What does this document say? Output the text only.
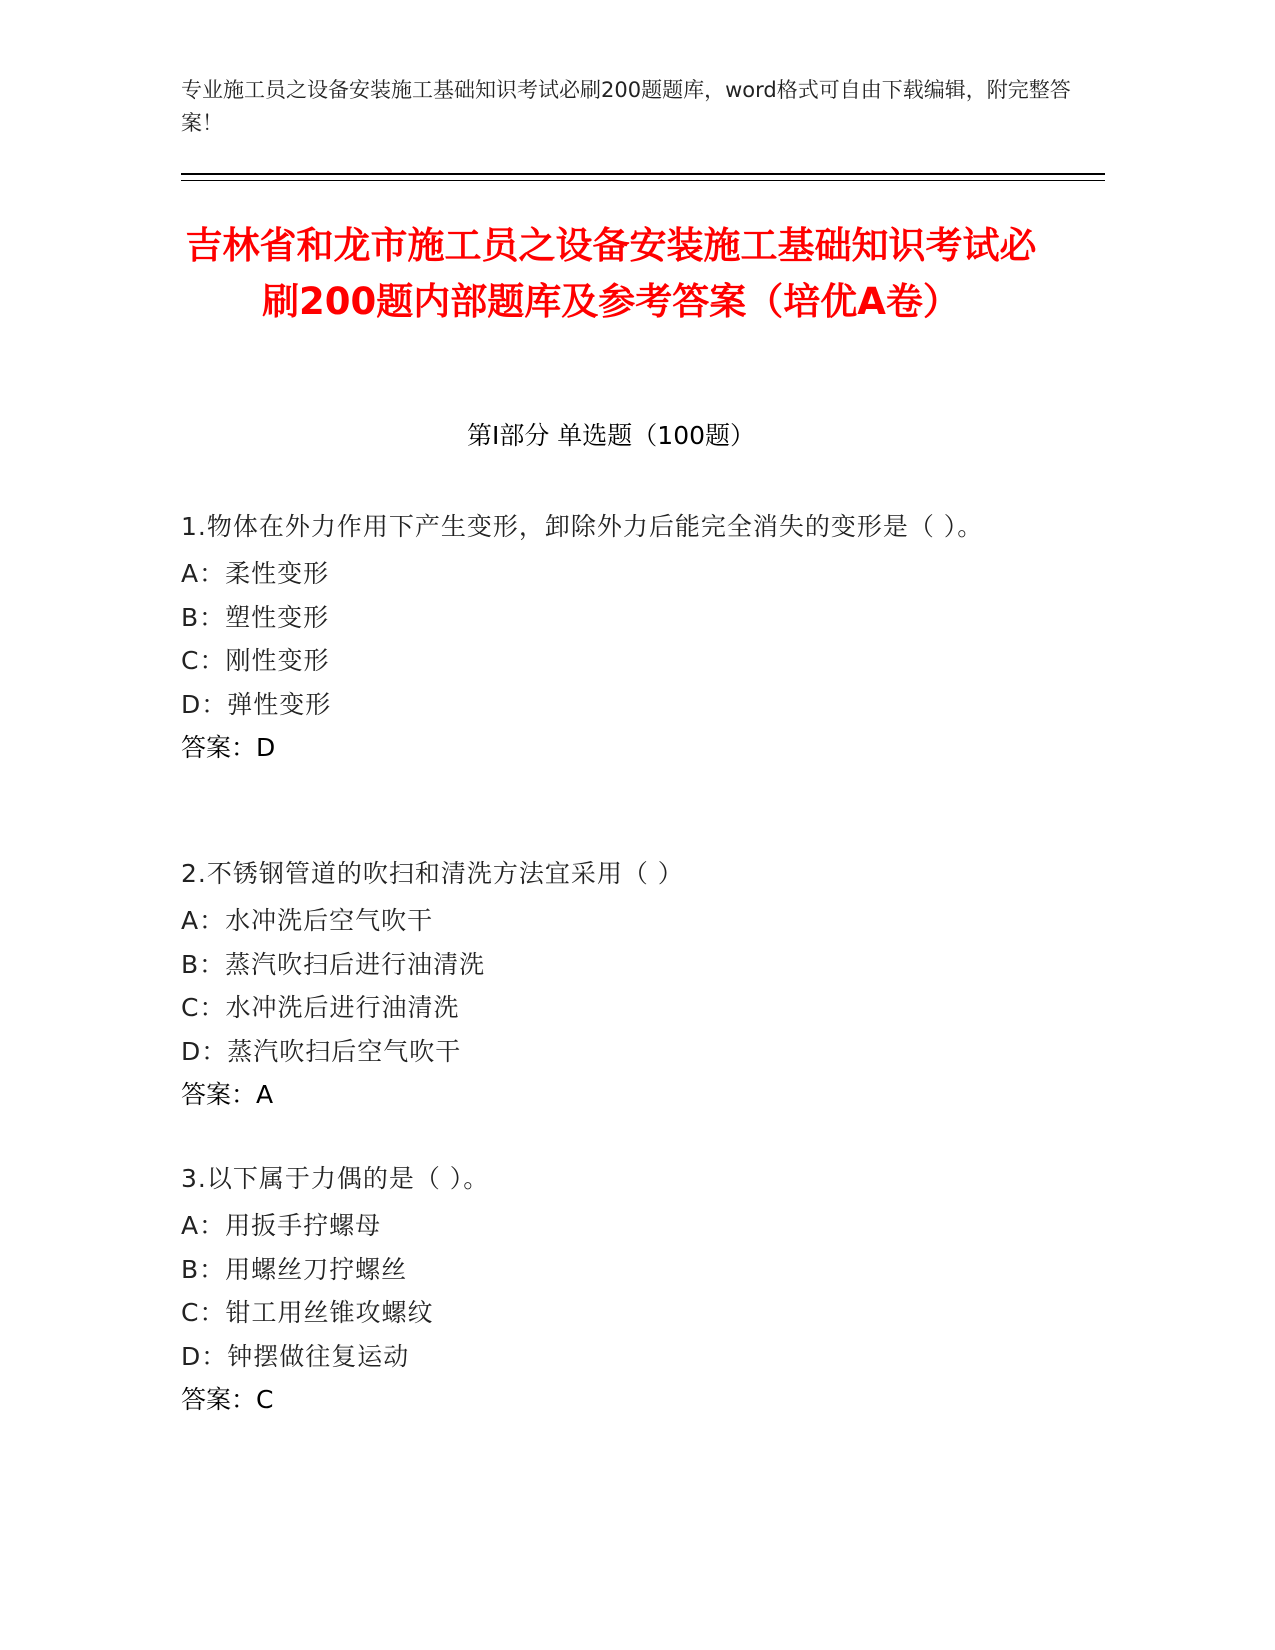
专业施工员之设备安装施工基础知识考试必刷200题题库，word格式可自由下载编辑，附完整答案！
吉林省和龙市施工员之设备安装施工基础知识考试必刷200题内部题库及参考答案（培优A卷）
第I部分 单选题（100题）
1.物体在外力作用下产生变形，卸除外力后能完全消失的变形是（ ）。
A：柔性变形
B：塑性变形
C：刚性变形
D：弹性变形
答案：D
2.不锈钢管道的吹扫和清洗方法宜采用（ ）
A：水冲洗后空气吹干
B：蒸汽吹扫后进行油清洗
C：水冲洗后进行油清洗
D：蒸汽吹扫后空气吹干
答案：A
3.以下属于力偶的是（ ）。
A：用扳手拧螺母
B：用螺丝刀拧螺丝
C：钳工用丝锥攻螺纹
D：钟摆做往复运动
答案：C
